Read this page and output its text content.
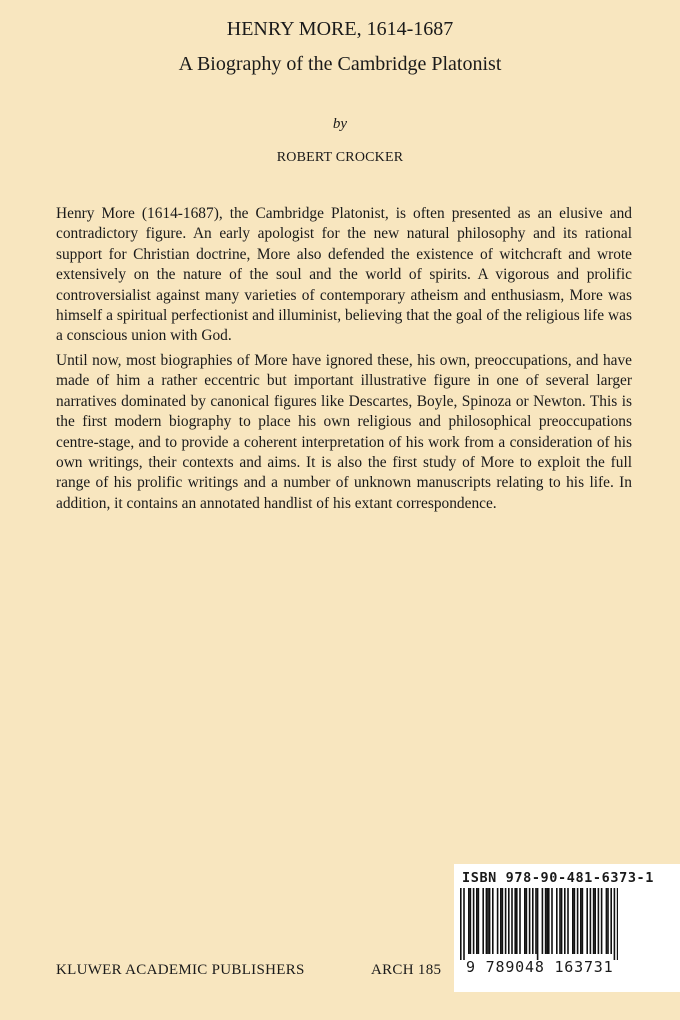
HENRY MORE, 1614-1687
A Biography of the Cambridge Platonist
by
ROBERT CROCKER

Henry More (1614-1687), the Cambridge Platonist, is often presented as an elusive and contradictory figure. An early apologist for the new natural philosophy and its rational support for Christian doctrine, More also defended the existence of witchcraft and wrote extensively on the nature of the soul and the world of spirits. A vigorous and prolific controversialist against many varieties of contemporary atheism and enthusiasm, More was himself a spiritual perfectionist and illuminist, believing that the goal of the religious life was a conscious union with God.

Until now, most biographies of More have ignored these, his own, preoccupations, and have made of him a rather eccentric but important illustrative figure in one of several larger narratives dominated by canonical figures like Descartes, Boyle, Spinoza or Newton. This is the first modern biography to place his own religious and philosophical preoccupations centre-stage, and to provide a coherent interpretation of his work from a consideration of his own writings, their contexts and aims. It is also the first study of More to exploit the full range of his prolific writings and a number of unknown manuscripts relating to his life. In addition, it contains an annotated handlist of his extant correspondence.

KLUWER ACADEMIC PUBLISHERS	ARCH 185
ISBN 978-90-481-6373-1
9 789048 163731
